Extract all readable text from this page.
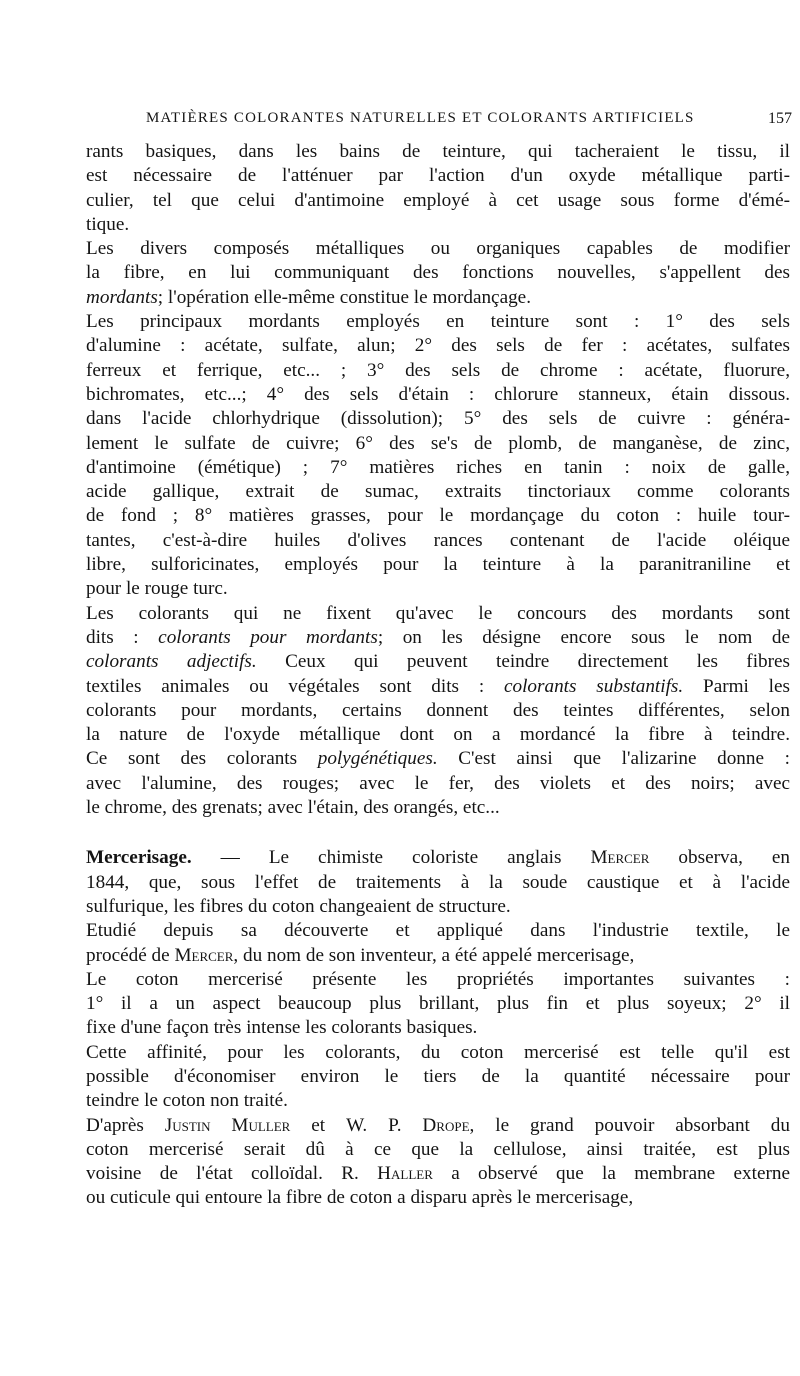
MATIÈRES COLORANTES NATURELLES ET COLORANTS ARTIFICIELS	157

rants basiques, dans les bains de teinture, qui tacheraient le tissu, il
est nécessaire de l'atténuer par l'action d'un oxyde métallique parti-
culier, tel que celui d'antimoine employé à cet usage sous forme d'émé-
tique.

Les divers composés métalliques ou organiques capables de modifier
la fibre, en lui communiquant des fonctions nouvelles, s'appellent des
mordants; l'opération elle-même constitue le mordançage.

Les principaux mordants employés en teinture sont : 1° des sels
d'alumine : acétate, sulfate, alun; 2° des sels de fer : acétates, sulfates
ferreux et ferrique, etc... ; 3° des sels de chrome : acétate, fluorure,
bichromates, etc...; 4° des sels d'étain : chlorure stanneux, étain dissous.
dans l'acide chlorhydrique (dissolution); 5° des sels de cuivre : généra-
lement le sulfate de cuivre; 6° des se's de plomb, de manganèse, de zinc,
d'antimoine (émétique) ; 7° matières riches en tanin : noix de galle,
acide gallique, extrait de sumac, extraits tinctoriaux comme colorants
de fond ; 8° matières grasses, pour le mordançage du coton : huile tour-
tantes, c'est-à-dire huiles d'olives rances contenant de l'acide oléique
libre, sulforicinates, employés pour la teinture à la paranitraniline et
pour le rouge turc.

Les colorants qui ne fixent qu'avec le concours des mordants sont
dits : colorants pour mordants; on les désigne encore sous le nom de
colorants adjectifs. Ceux qui peuvent teindre directement les fibres
textiles animales ou végétales sont dits : colorants substantifs. Parmi les
colorants pour mordants, certains donnent des teintes différentes, selon
la nature de l'oxyde métallique dont on a mordancé la fibre à teindre.
Ce sont des colorants polygénétiques. C'est ainsi que l'alizarine donne :
avec l'alumine, des rouges; avec le fer, des violets et des noirs; avec
le chrome, des grenats; avec l'étain, des orangés, etc...

Mercerisage. — Le chimiste coloriste anglais Mercer observa, en
1844, que, sous l'effet de traitements à la soude caustique et à l'acide
sulfurique, les fibres du coton changeaient de structure.

Etudié depuis sa découverte et appliqué dans l'industrie textile, le
procédé de Mercer, du nom de son inventeur, a été appelé mercerisage,

Le coton mercerisé présente les propriétés importantes suivantes :
1° il a un aspect beaucoup plus brillant, plus fin et plus soyeux; 2° il
fixe d'une façon très intense les colorants basiques.

Cette affinité, pour les colorants, du coton mercerisé est telle qu'il est
possible d'économiser environ le tiers de la quantité nécessaire pour
teindre le coton non traité.

D'après Justin Muller et W. P. Drope, le grand pouvoir absorbant du
coton mercerisé serait dû à ce que la cellulose, ainsi traitée, est plus
voisine de l'état colloïdal. R. Haller a observé que la membrane externe
ou cuticule qui entoure la fibre de coton a disparu après le mercerisage,
